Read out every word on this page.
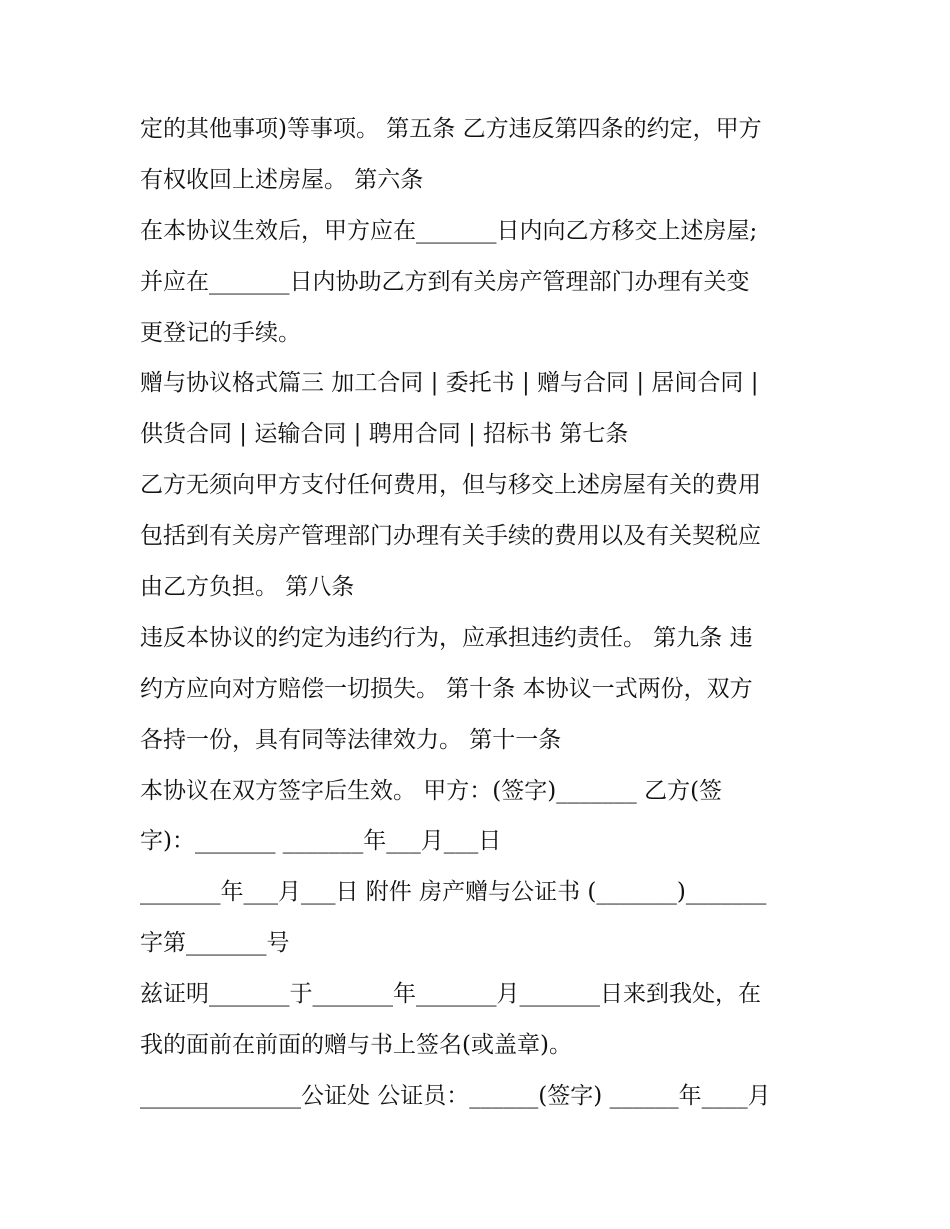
定的其他事项)等事项。 第五条 乙方违反第四条的约定，甲方
有权收回上述房屋。 第六条
在本协议生效后，甲方应在_______日内向乙方移交上述房屋;
并应在_______日内协助乙方到有关房产管理部门办理有关变
更登记的手续。
赠与协议格式篇三 加工合同 | 委托书 | 赠与合同 | 居间合同 |
供货合同 | 运输合同 | 聘用合同 | 招标书 第七条
乙方无须向甲方支付任何费用，但与移交上述房屋有关的费用
包括到有关房产管理部门办理有关手续的费用以及有关契税应
由乙方负担。 第八条
违反本协议的约定为违约行为，应承担违约责任。 第九条 违
约方应向对方赔偿一切损失。 第十条 本协议一式两份，双方
各持一份，具有同等法律效力。 第十一条
本协议在双方签字后生效。 甲方：(签字)_______ 乙方(签
字)：_______ _______年___月___日
_______年___月___日 附件 房产赠与公证书 (_______)_______
字第_______号
兹证明_______于_______年_______月_______日来到我处，在
我的面前在前面的赠与书上签名(或盖章)。
______________公证处 公证员：______(签字) ______年____月
